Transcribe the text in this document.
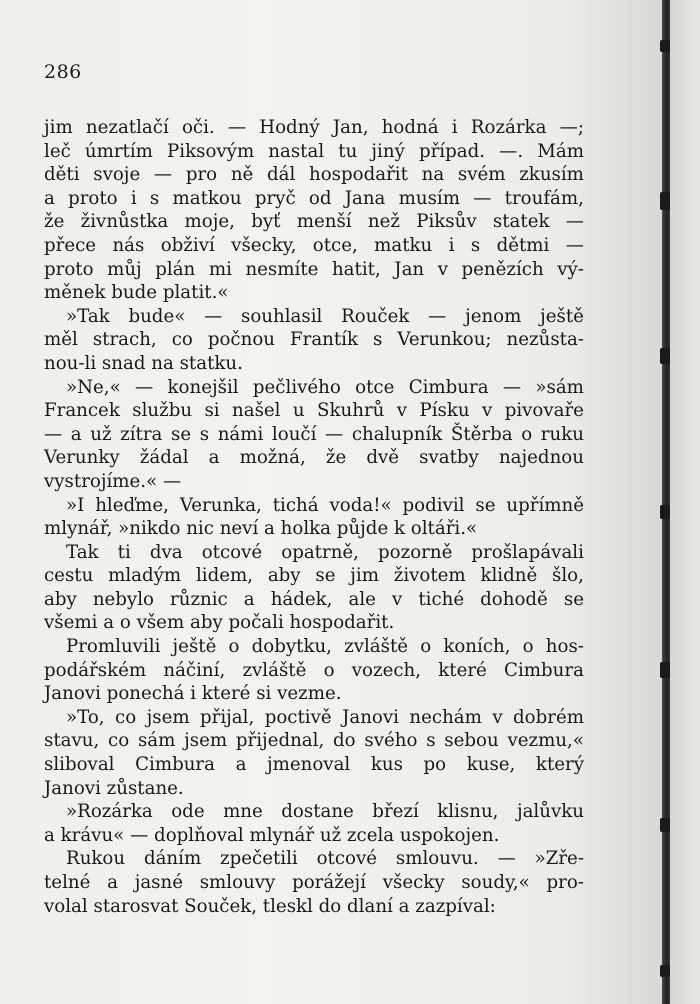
286
jim nezatlačí oči. — Hodný Jan, hodná i Rozárka —;
leč úmrtím Piksovým nastal tu jiný případ. —. Mám
děti svoje — pro ně dál hospodařit na svém zkusím
a proto i s matkou pryč od Jana musím — troufám,
že živnůstka moje, byť menší než Piksův statek —
přece nás obživí všecky, otce, matku i s dětmi —
proto můj plán mi nesmíte hatit, Jan v penězích vý-
měnek bude platit.«
»Tak bude« — souhlasil Rouček — jenom ještě
měl strach, co počnou Frantík s Verunkou; nezůsta-
nou-li snad na statku.
»Ne,« — konejšil pečlivého otce Cimbura — »sám
Francek službu si našel u Skuhrů v Písku v pivovaře
— a už zítra se s námi loučí — chalupník Štěrba o ruku
Verunky žádal a možná, že dvě svatby najednou
vystrojíme.« —
»I hleďme, Verunka, tichá voda!« podivil se upřímně
mlynář, »nikdo nic neví a holka půjde k oltáři.«
Tak ti dva otcové opatrně, pozorně prošlapávali
cestu mladým lidem, aby se jim životem klidně šlo,
aby nebylo různic a hádek, ale v tiché dohodě se
všemi a o všem aby počali hospodařit.
Promluvili ještě o dobytku, zvláště o koních, o hos-
podářském náčiní, zvláště o vozech, které Cimbura
Janovi ponechá i které si vezme.
»To, co jsem přijal, poctivě Janovi nechám v dobrém
stavu, co sám jsem přijednal, do svého s sebou vezmu,«
sliboval Cimbura a jmenoval kus po kuse, který
Janovi zůstane.
»Rozárka ode mne dostane březí klisnu, jalůvku
a krávu« — doplňoval mlynář už zcela uspokojen.
Rukou dáním zpečetili otcové smlouvu. — »Zře-
telné a jasné smlouvy porážejí všecky soudy,« pro-
volal starosvat Souček, tleskl do dlaní a zazpíval:
